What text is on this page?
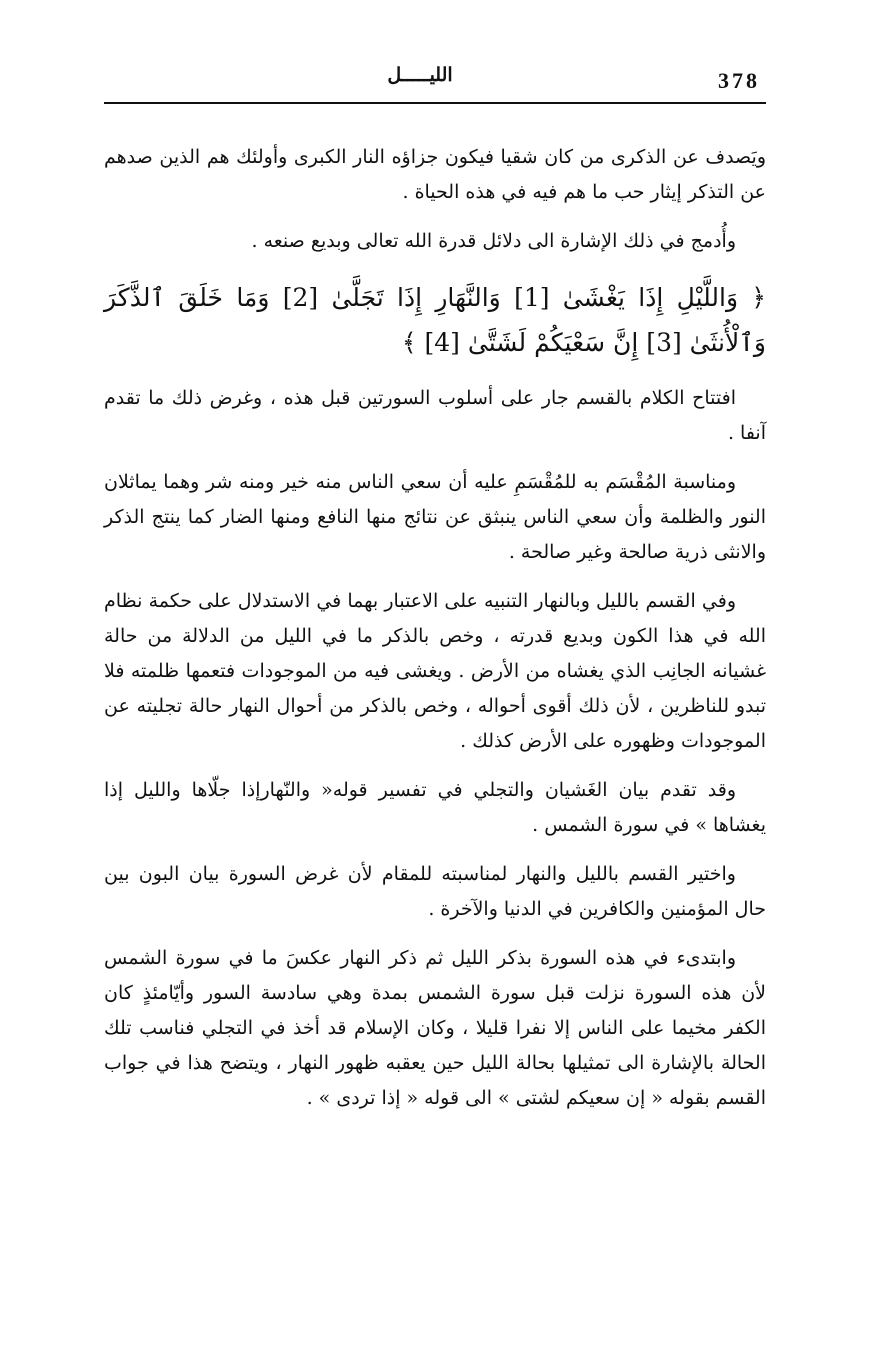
378
الليـــــل

ويَصدف عن الذكرى من كان شقيا فيكون جزاؤه النار الكبرى وأولئك هم الذين صدهم عن التذكر إيثار حب ما هم فيه في هذه الحياة .

وأُدمج في ذلك الإشارة الى دلائل قدرة الله تعالى وبديع صنعه .

﴿ وَاللَّيْلِ إِذَا يَغْشَىٰ [1] وَالنَّهَارِ إِذَا تَجَلَّىٰ [2] وَمَا خَلَقَ ٱلذَّكَرَ وَٱلْأُنثَىٰ [3] إِنَّ سَعْيَكُمْ لَشَتَّىٰ [4] ﴾

افتتاح الكلام بالقسم جار على أسلوب السورتين قبل هذه ، وغرض ذلك ما تقدم آنفا .

ومناسبة المُقْسَم به للمُقْسَمِ عليه أن سعي الناس منه خير ومنه شر وهما يماثلان النور والظلمة وأن سعي الناس ينبثق عن نتائج منها النافع ومنها الضار كما ينتج الذكر والانثى ذرية صالحة وغير صالحة .

وفي القسم بالليل وبالنهار التنبيه على الاعتبار بهما في الاستدلال على حكمة نظام الله في هذا الكون وبديع قدرته ، وخص بالذكر ما في الليل من الدلالة من حالة غشيانه الجانِب الذي يغشاه من الأرض . ويغشى فيه من الموجودات فتعمها ظلمته فلا تبدو للناظرين ، لأن ذلك أقوى أحواله ، وخص بالذكر من أحوال النهار حالة تجليته عن الموجودات وظهوره على الأرض كذلك .

وقد تقدم بيان الغَشيان والتجلي في تفسير قوله« والنّهارإذا جلّاها والليل إذا يغشاها » في سورة الشمس .

واختير القسم بالليل والنهار لمناسبته للمقام لأن غرض السورة بيان البون بين حال المؤمنين والكافرين في الدنيا والآخرة .

وابتدىء في هذه السورة بذكر الليل ثم ذكر النهار عكسَ ما في سورة الشمس لأن هذه السورة نزلت قبل سورة الشمس بمدة وهي سادسة السور وأيّامئذٍ كان الكفر مخيما على الناس إلا نفرا قليلا ، وكان الإسلام قد أخذ في التجلي فناسب تلك الحالة بالإشارة الى تمثيلها بحالة الليل حين يعقبه ظهور النهار ، ويتضح هذا في جواب القسم بقوله « إن سعيكم لشتى » الى قوله « إذا تردى » .
